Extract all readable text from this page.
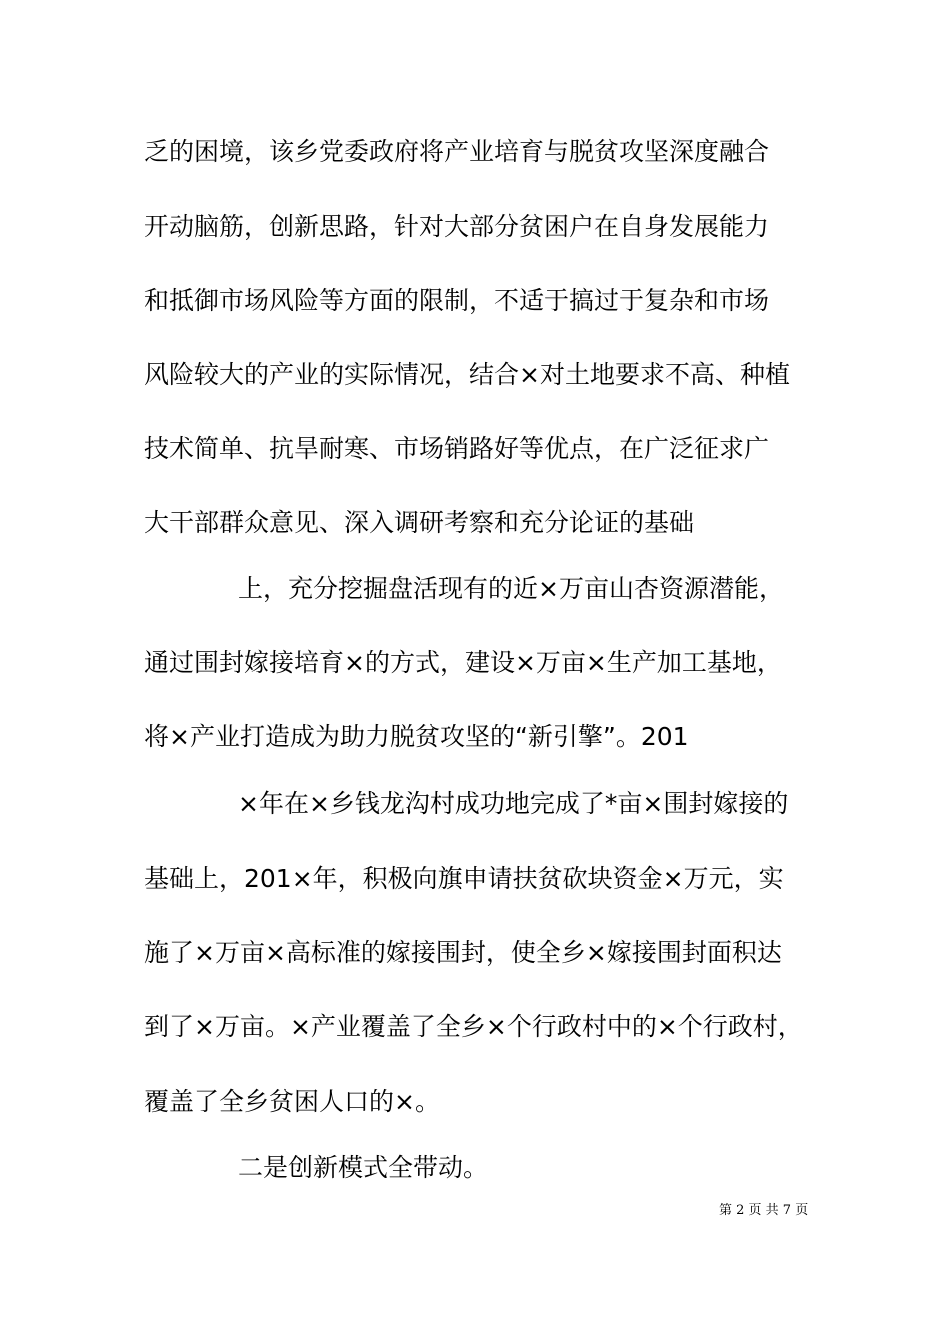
乏的困境，该乡党委政府将产业培育与脱贫攻坚深度融合
开动脑筋，创新思路，针对大部分贫困户在自身发展能力
和抵御市场风险等方面的限制，不适于搞过于复杂和市场
风险较大的产业的实际情况，结合×对土地要求不高、种植
技术简单、抗旱耐寒、市场销路好等优点，在广泛征求广
大干部群众意见、深入调研考察和充分论证的基础
上，充分挖掘盘活现有的近×万亩山杏资源潜能，
通过围封嫁接培育×的方式，建设×万亩×生产加工基地，
将×产业打造成为助力脱贫攻坚的“新引擎”。201
×年在×乡钱龙沟村成功地完成了*亩×围封嫁接的
基础上，201×年，积极向旗申请扶贫砍块资金×万元，实
施了×万亩×高标准的嫁接围封，使全乡×嫁接围封面积达
到了×万亩。×产业覆盖了全乡×个行政村中的×个行政村，
覆盖了全乡贫困人口的×。
二是创新模式全带动。
第 2 页 共 7 页
